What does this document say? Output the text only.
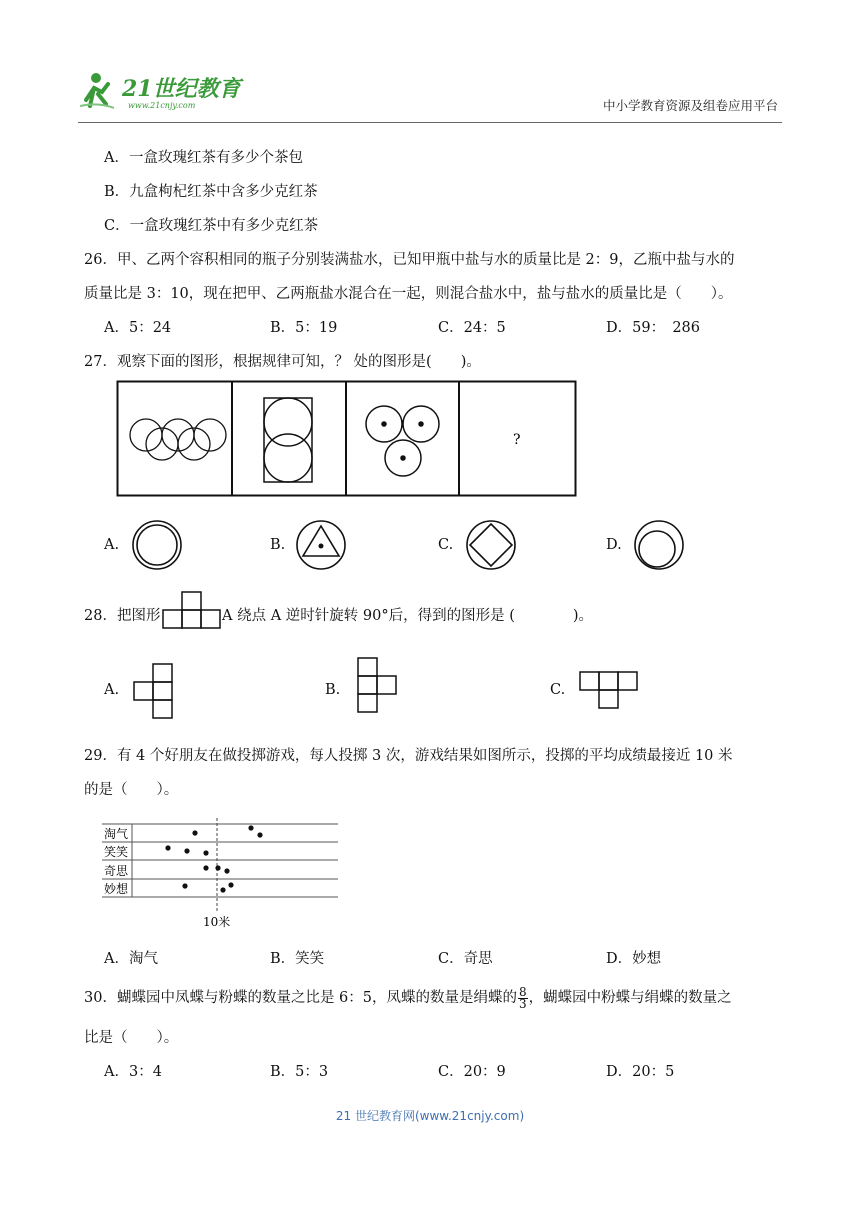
21世纪教育
www.21cnjy.com	中小学教育资源及组卷应用平台
A．一盒玫瑰红茶有多少个茶包
B．九盒枸杞红茶中含多少克红茶
C．一盒玫瑰红茶中有多少克红茶
26．甲、乙两个容积相同的瓶子分别装满盐水，已知甲瓶中盐与水的质量比是 2：9，乙瓶中盐与水的
质量比是 3：10，现在把甲、乙两瓶盐水混合在一起，则混合盐水中，盐与盐水的质量比是（　　）。
A．5：24	B．5：19	C．24：5	D．59：　286
27．观察下面的图形，根据规律可知，？ 处的图形是(　　)。
?
A.	B.	C.	D.
28．把图形	A 绕点 A 逆时针旋转 90°后，得到的图形是 (　　　　)。
A.	B.	C.
29．有 4 个好朋友在做投掷游戏，每人投掷 3 次，游戏结果如图所示，投掷的平均成绩最接近 10 米
的是（　　）。
淘气
笑笑
奇思
妙想
10米
A．淘气	B．笑笑	C．奇思	D．妙想
30．蝴蝶园中凤蝶与粉蝶的数量之比是 6：5，凤蝶的数量是绢蝶的 $\frac{8}{3}$ ，蝴蝶园中粉蝶与绢蝶的数量之
比是（　　）。
A．3：4	B．5：3	C．20：9	D．20：5
21 世纪教育网(www.21cnjy.com)
